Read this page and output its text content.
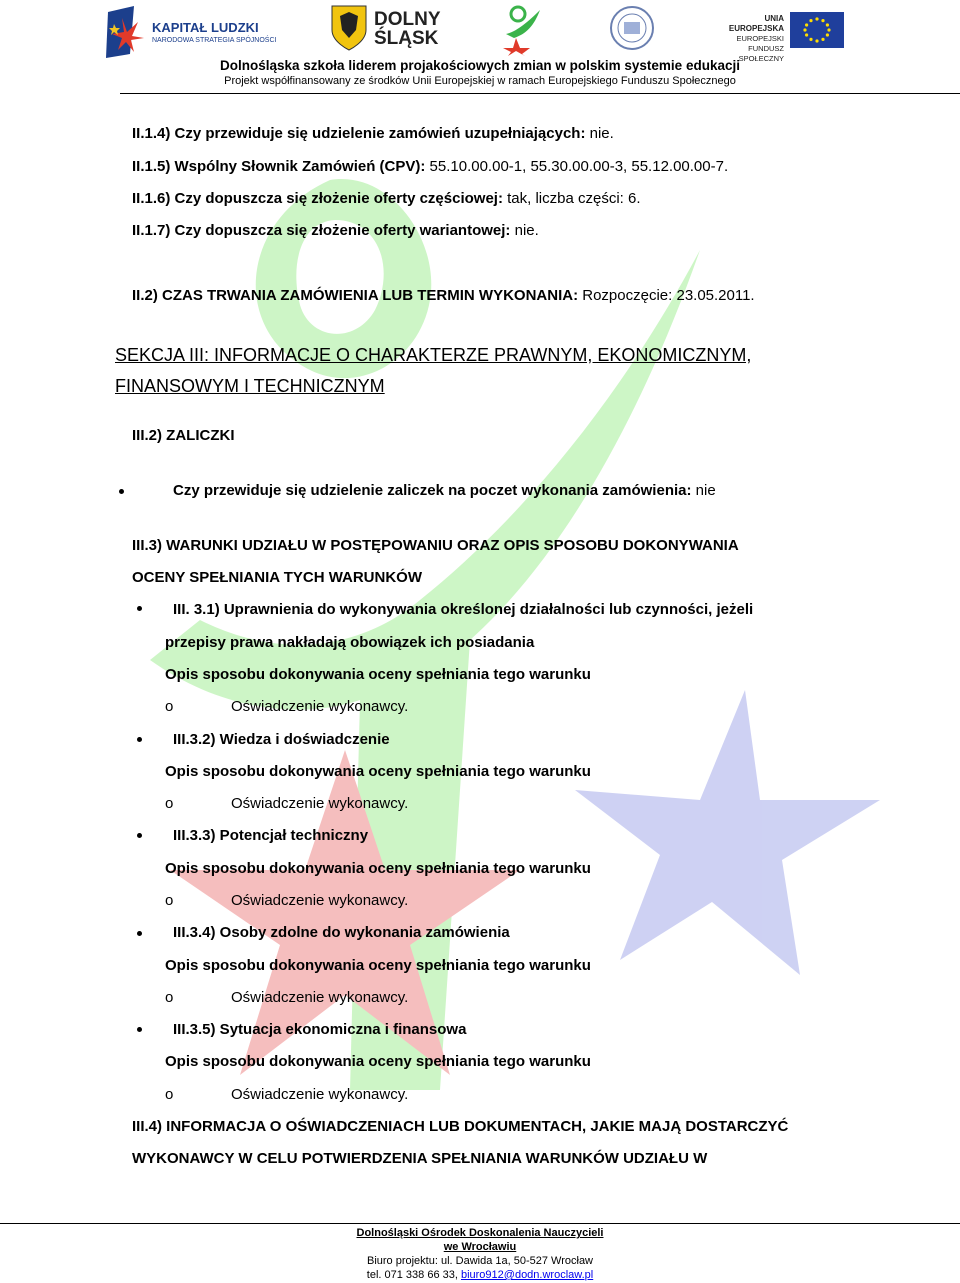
KAPITAŁ LUDZKI
NARODOWA STRATEGIA SPÓJNOŚCI
DOLNY
ŚLĄSK
UNIA EUROPEJSKA
EUROPEJSKI
FUNDUSZ SPOŁECZNY
Dolnośląska szkoła liderem projakościowych zmian w polskim systemie edukacji
Projekt współfinansowany ze środków Unii Europejskiej w ramach Europejskiego Funduszu Społecznego
II.1.4) Czy przewiduje się udzielenie zamówień uzupełniających: nie.
II.1.5) Wspólny Słownik Zamówień (CPV): 55.10.00.00-1, 55.30.00.00-3, 55.12.00.00-7.
II.1.6) Czy dopuszcza się złożenie oferty częściowej: tak, liczba części: 6.
II.1.7) Czy dopuszcza się złożenie oferty wariantowej: nie.
II.2) CZAS TRWANIA ZAMÓWIENIA LUB TERMIN WYKONANIA: Rozpoczęcie: 23.05.2011.
SEKCJA III: INFORMACJE O CHARAKTERZE PRAWNYM, EKONOMICZNYM,
FINANSOWYM I TECHNICZNYM
III.2) ZALICZKI
Czy przewiduje się udzielenie zaliczek na poczet wykonania zamówienia: nie
III.3) WARUNKI UDZIAŁU W POSTĘPOWANIU ORAZ OPIS SPOSOBU DOKONYWANIA
OCENY SPEŁNIANIA TYCH WARUNKÓW
III. 3.1) Uprawnienia do wykonywania określonej działalności lub czynności, jeżeli
przepisy prawa nakładają obowiązek ich posiadania
Opis sposobu dokonywania oceny spełniania tego warunku
o	Oświadczenie wykonawcy.
III.3.2) Wiedza i doświadczenie
Opis sposobu dokonywania oceny spełniania tego warunku
o	Oświadczenie wykonawcy.
III.3.3) Potencjał techniczny
Opis sposobu dokonywania oceny spełniania tego warunku
o	Oświadczenie wykonawcy.
III.3.4) Osoby zdolne do wykonania zamówienia
Opis sposobu dokonywania oceny spełniania tego warunku
o	Oświadczenie wykonawcy.
III.3.5) Sytuacja ekonomiczna i finansowa
Opis sposobu dokonywania oceny spełniania tego warunku
o	Oświadczenie wykonawcy.
III.4) INFORMACJA O OŚWIADCZENIACH LUB DOKUMENTACH, JAKIE MAJĄ DOSTARCZYĆ
WYKONAWCY W CELU POTWIERDZENIA SPEŁNIANIA WARUNKÓW UDZIAŁU W
Dolnośląski Ośrodek Doskonalenia Nauczycieli
we Wrocławiu
Biuro projektu: ul. Dawida 1a, 50-527 Wrocław
tel. 071 338 66 33, biuro912@dodn.wroclaw.pl
